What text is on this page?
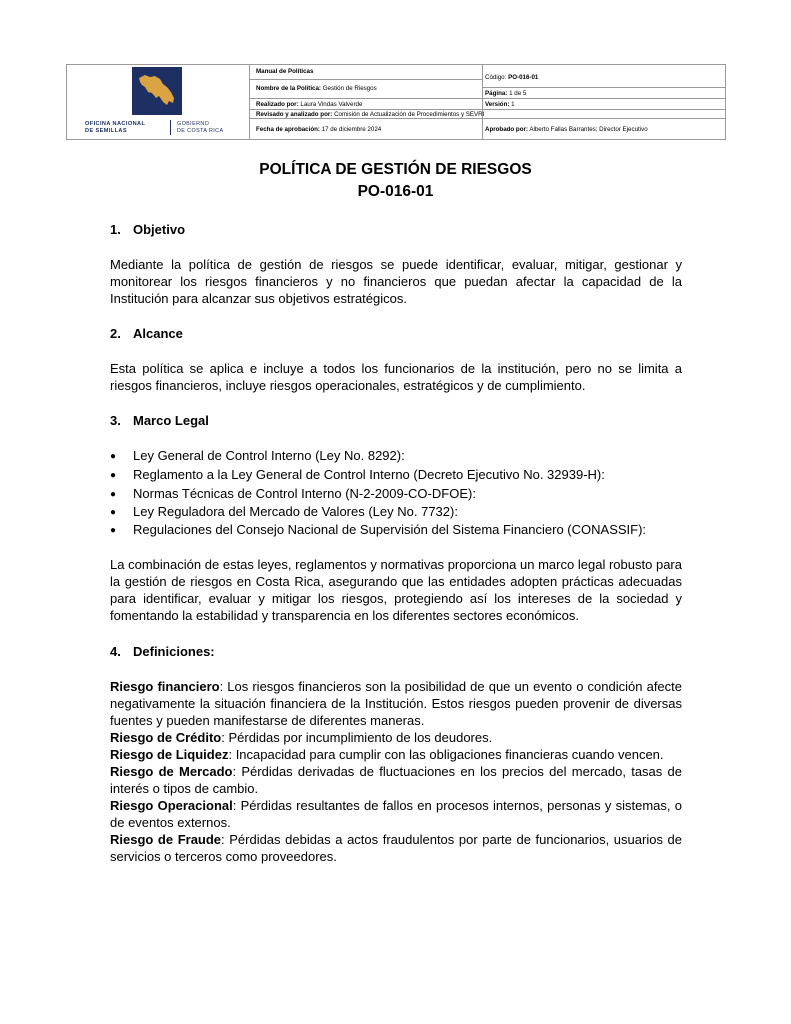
OFICINA NACIONAL
DE SEMILLAS
GOBIERNO
DE COSTA RICA
Manual de Políticas
Nombre de la Política: Gestión de Riesgos
Realizado por: Laura Vindas Valverde
Revisado y analizado por: Comisión de Actualización de Procedimientos y SEVRI
Fecha de aprobación: 17 de diciembre 2024
Código: PO-016-01
Página: 1 de 5
Versión: 1
Aprobado por: Alberto Fallas Barrantes; Director Ejecutivo
POLÍTICA DE GESTIÓN DE RIESGOS
PO-016-01
1. Objetivo
Mediante la política de gestión de riesgos se puede identificar, evaluar, mitigar, gestionar y monitorear los riesgos financieros y no financieros que puedan afectar la capacidad de la Institución para alcanzar sus objetivos estratégicos.
2. Alcance
Esta política se aplica e incluye a todos los funcionarios de la institución, pero no se limita a riesgos financieros, incluye riesgos operacionales, estratégicos y de cumplimiento.
3. Marco Legal
● Ley General de Control Interno (Ley No. 8292):
● Reglamento a la Ley General de Control Interno (Decreto Ejecutivo No. 32939-H):
● Normas Técnicas de Control Interno (N-2-2009-CO-DFOE):
● Ley Reguladora del Mercado de Valores (Ley No. 7732):
● Regulaciones del Consejo Nacional de Supervisión del Sistema Financiero (CONASSIF):
La combinación de estas leyes, reglamentos y normativas proporciona un marco legal robusto para la gestión de riesgos en Costa Rica, asegurando que las entidades adopten prácticas adecuadas para identificar, evaluar y mitigar los riesgos, protegiendo así los intereses de la sociedad y fomentando la estabilidad y transparencia en los diferentes sectores económicos.
4. Definiciones:
Riesgo financiero: Los riesgos financieros son la posibilidad de que un evento o condición afecte negativamente la situación financiera de la Institución. Estos riesgos pueden provenir de diversas fuentes y pueden manifestarse de diferentes maneras.
Riesgo de Crédito: Pérdidas por incumplimiento de los deudores.
Riesgo de Liquidez: Incapacidad para cumplir con las obligaciones financieras cuando vencen.
Riesgo de Mercado: Pérdidas derivadas de fluctuaciones en los precios del mercado, tasas de interés o tipos de cambio.
Riesgo Operacional: Pérdidas resultantes de fallos en procesos internos, personas y sistemas, o de eventos externos.
Riesgo de Fraude: Pérdidas debidas a actos fraudulentos por parte de funcionarios, usuarios de servicios o terceros como proveedores.
